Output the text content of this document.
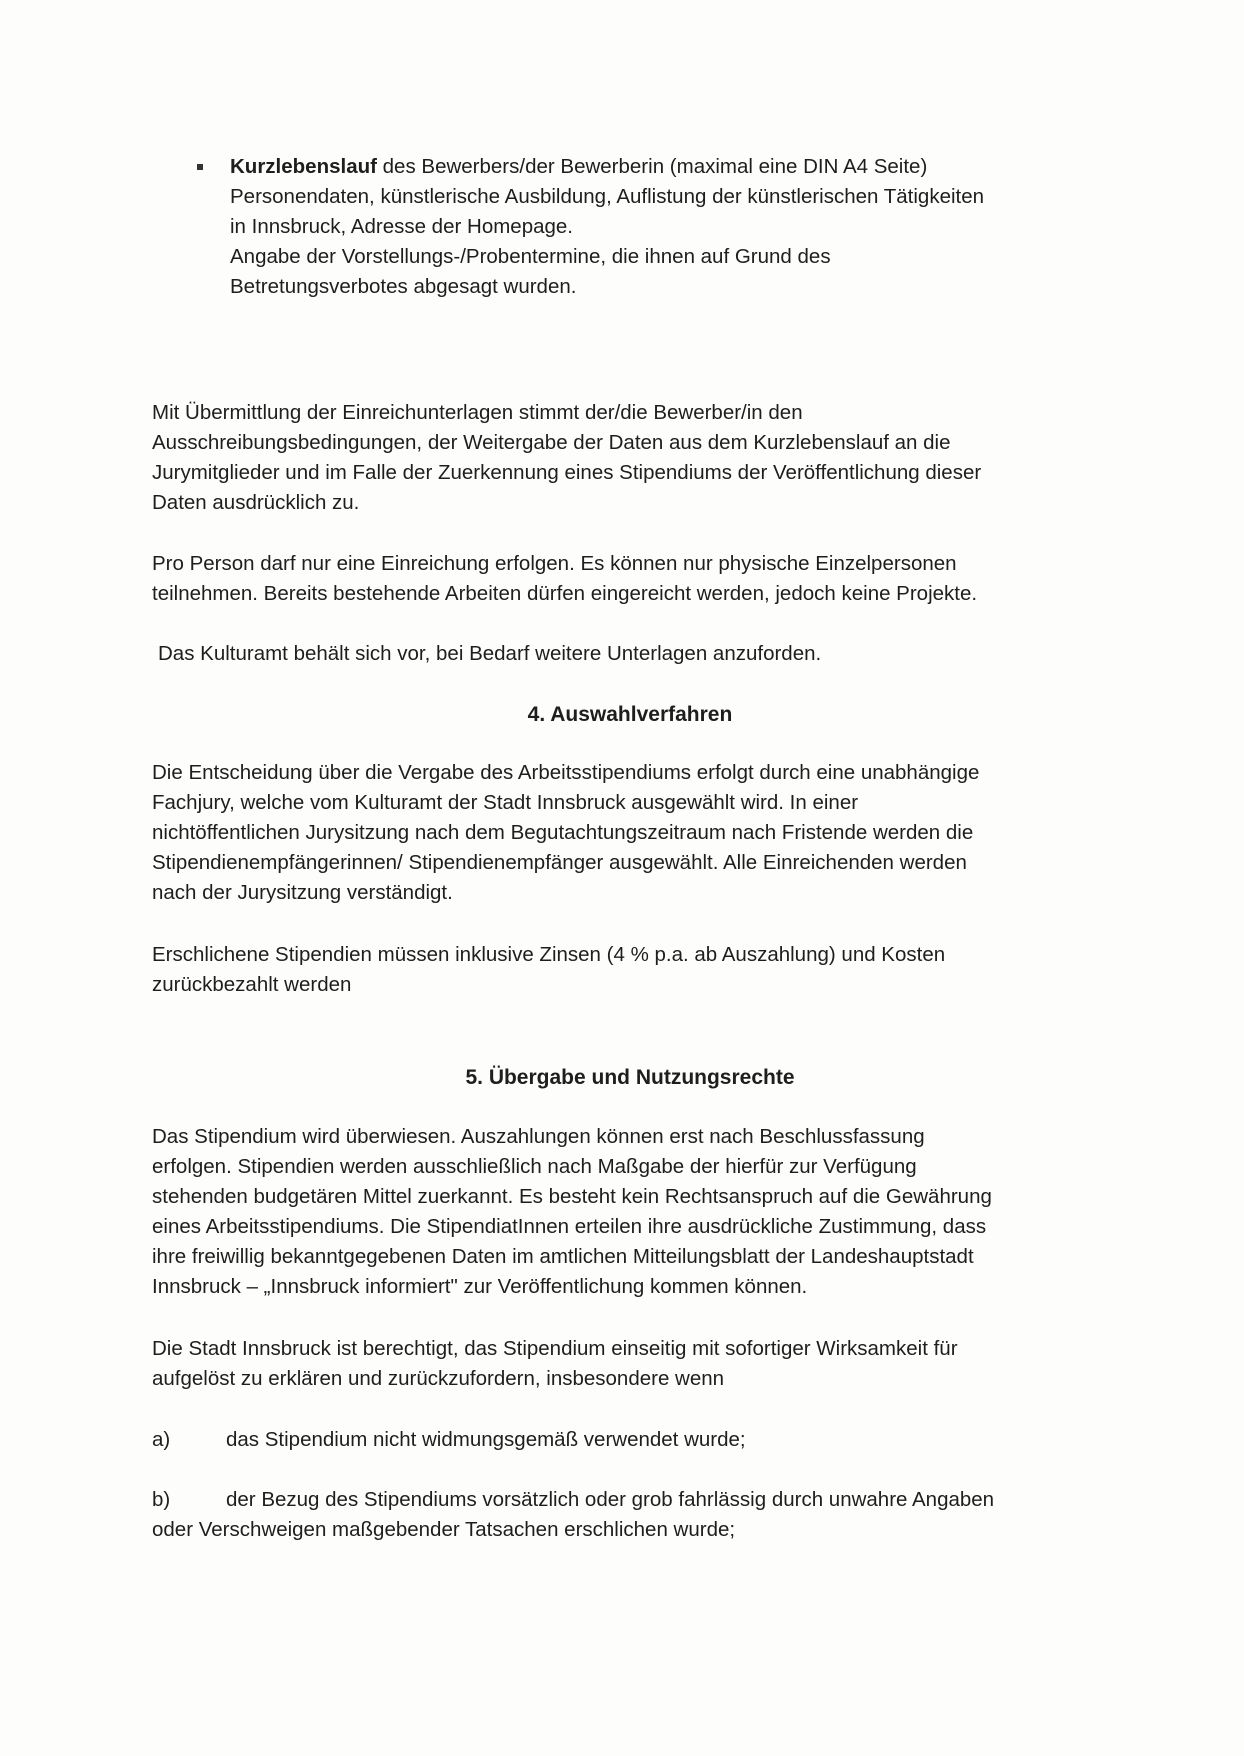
Kurzlebenslauf des Bewerbers/der Bewerberin (maximal eine DIN A4 Seite)
Personendaten, künstlerische Ausbildung, Auflistung der künstlerischen Tätigkeiten
in Innsbruck, Adresse der Homepage.
Angabe der Vorstellungs-/Probentermine, die ihnen auf Grund des
Betretungsverbotes abgesagt wurden.
Mit Übermittlung der Einreichunterlagen stimmt der/die Bewerber/in den
Ausschreibungsbedingungen, der Weitergabe der Daten aus dem Kurzlebenslauf an die
Jurymitglieder und im Falle der Zuerkennung eines Stipendiums der Veröffentlichung dieser
Daten ausdrücklich zu.
Pro Person darf nur eine Einreichung erfolgen. Es können nur physische Einzelpersonen
teilnehmen. Bereits bestehende Arbeiten dürfen eingereicht werden, jedoch keine Projekte.
Das Kulturamt behält sich vor, bei Bedarf weitere Unterlagen anzuforden.
4. Auswahlverfahren
Die Entscheidung über die Vergabe des Arbeitsstipendiums erfolgt durch eine unabhängige
Fachjury, welche vom Kulturamt der Stadt Innsbruck ausgewählt wird. In einer
nichtöffentlichen Jurysitzung nach dem Begutachtungszeitraum nach Fristende werden die
Stipendienempfängerinnen/ Stipendienempfänger ausgewählt. Alle Einreichenden werden
nach der Jurysitzung verständigt.
Erschlichene Stipendien müssen inklusive Zinsen (4 % p.a. ab Auszahlung) und Kosten
zurückbezahlt werden
5. Übergabe und Nutzungsrechte
Das Stipendium wird überwiesen. Auszahlungen können erst nach Beschlussfassung
erfolgen. Stipendien werden ausschließlich nach Maßgabe der hierfür zur Verfügung
stehenden budgetären Mittel zuerkannt. Es besteht kein Rechtsanspruch auf die Gewährung
eines Arbeitsstipendiums. Die StipendiatInnen erteilen ihre ausdrückliche Zustimmung, dass
ihre freiwillig bekanntgegebenen Daten im amtlichen Mitteilungsblatt der Landeshauptstadt
Innsbruck – „Innsbruck informiert" zur Veröffentlichung kommen können.
Die Stadt Innsbruck ist berechtigt, das Stipendium einseitig mit sofortiger Wirksamkeit für
aufgelöst zu erklären und zurückzufordern, insbesondere wenn
a)	das Stipendium nicht widmungsgemäß verwendet wurde;
b)	der Bezug des Stipendiums vorsätzlich oder grob fahrlässig durch unwahre Angaben
oder Verschweigen maßgebender Tatsachen erschlichen wurde;
